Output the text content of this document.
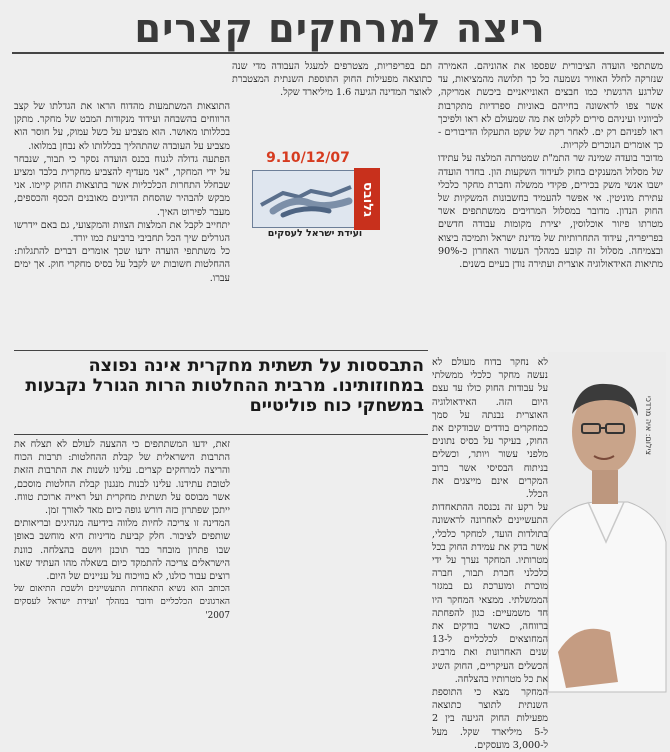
ריצה למרחקים קצרים

משתתפי הועדה הציבורית שפספו את אהוניהם. האמירה שנזרקה לחלל האוויר נשמעה כל כך תלושה מהמציאות, עד שלרגע הרגשתי כמו חבצים האונייאניים ביכשת אמריקה, אשר צפו לראשונה בחייהם באוניות ספרדיות מתקרבות לביווניו ועיניהם סירים לקלוט את מה שמעולם לא ראו ולפיכך ראו לפניהם רק ים. לאחר רקה של שקט התעקלו הדיבורים - כך אומרים הנוכרים לקריות.

מדובר בועדה שמינה שר התמ"ת שמטרתה המלצה על עתידו של מסלול המענקים בחוק לעידוד השקעות הון. בחדר הועדה ישבו אנשי משק בכירים, פקידי ממשלה וחברת מחקר כלכלי עתירת מוניטין. אי אפשר להעמיד בחשבונות המשקיות של החוק הנדון. מדובר במסלול המרויבים ממשתתפים אשר מטרתו פיזור אוכלוסין, יצירת מקומות עבודה חדשים בפריפריה, עידוד התחרותיות של מדינת ישראל ותמיכה ביצוא ובצמיחה. מסלול זה קובע במהלך העשור האחרון כ-90% מתיאות האידאולוגיה אוצרית ועתירה נודן בעיים בשנים.

תם בפריפריות, מצטרפים למעגל העבודה מדי שנה כתוצאה מפעילות החוק התוספת השנתית המצטברת לאוצר המדינה הגיעה 1.6 מיליארד שקל.

התוצאות המשתמעות מהדוח הראו את הגדלתו של קצב הרווחים בהשבחה ועידוד מנקודות המבט של מחקר. מתקן בכללותו מאושר. הוא מצביע על כשל עמוק, על חוסר הוא מצביע על העובדה שהתהליך בכללותו לא נבחן במלואו.

הפתעה גדולה לגנוח בכנס הועדה נסקר כי תבור, שנבחר על ידי המחקר, "אני מעדיף להצביע מחקרית בלבד ומציע שבחלל התחרות הכלכליות אשר בתוצאות החוק קיימו. אני מבקש להבהיר שהסחת הדיונים מאובנים הכסף והכספים, מעבר לפירוט האיך.

יתחייב לקבל את המלצות הצוות והמקצועי, גם באם יידרשו הגורלים שיך הכל תחביבי ברביעת כמו יורד.

כל משתתפי הועדה ידעו שכך אומרים דברים להתגלות: ההחלטות חשובות יש לקבל על בסיס מחקרי חוק. אך ימים עברו.

9.10/12/07
גלובס
ועידת ישראל לעסקים
התבססות על תשתית מחקרית אינה נפוצה במחוזותינו. מרבית ההחלטות הרות הגורל נקבעות במשחקי כוח פוליטיים

זאת, ידעו המשתתפים כי ההצעה לעולם לא תצלח את התרבות הישראלית של קבלת ההחלטות: תרבות הכוח והריצה למרחקים קצרים. עלינו לשנות את התרבות הזאת לטובת עתידנו. עלינו לבנות מנגנון קבלת החלטות מוסכם, אשר מבוסס על תשתית מחקרית ועל ראייה ארוכת טווח. ייתכן שפתרון כזה דורש גופה כיום מאד לאורך זמן.

המדינה זו צריכה לחיות מלווה בידיעה מנהיגים ובריאותים שותפים לציבור. חלק קביעת מדיניות היא מוחשב באופן שבו פתרון מובחר כבר תוכנן ויושם בהצלחה. כוונת הישראלים צריכה להתמקד כיום בשאלה מהו העתיד שאנו רוצים עבור כולנו, לא בוויכוח על עניינים של היום.

הכותב הוא נשיא התאחדות התעשיינים ולשכת התיאום של הארגונים הכלכליים ודובר במהלך 'ועידת ישראל לעסקים 2007'

לא נחקר בדוח מעולם לא נעשה מחקר כלכלי ממשלתי על עבודות החוק כולו עד עצם היום הזה. האידאולוגיה האוצרית נבנתה על סמך כמחקרים בודדים שבודקים את החוק, בעיקר על בסיס נתונים מלפני עשור ויותר, וכשלים בניתוח הבסיסי אשר ברוב המקרים אינם מייצגים את הכלל.

על רקע זה נכנסה ההתאחדות התעשיינים לאחרונה לראשונה בתולדות הועד, למחקר כלכלי, אשר בדק את עמידת החוק בכל מטרותיו. המחקר נערך על ידי כלכלני חברת תבור, חברה מוכרת ומוערכת גם במגזר הממשלתי. ממצאי המחקר היו חד משמעיים: כגון להפחתה ברווחה, כאשר בודקים את המחוצאים לכלכליים ל-13 שנים האחרונות ואת מרבית הכשלים העיקריים, החוק השיג את כל מטרותיו בהצלחה.

המחקר מצא כי התוספת השנתית לתוצר כתוצאה מפעילות החוק הגיעה בין 2 ל-5 מיליארד שקל. מעל ל-3,000 מועסקים.

צילום: איה מרדכי
